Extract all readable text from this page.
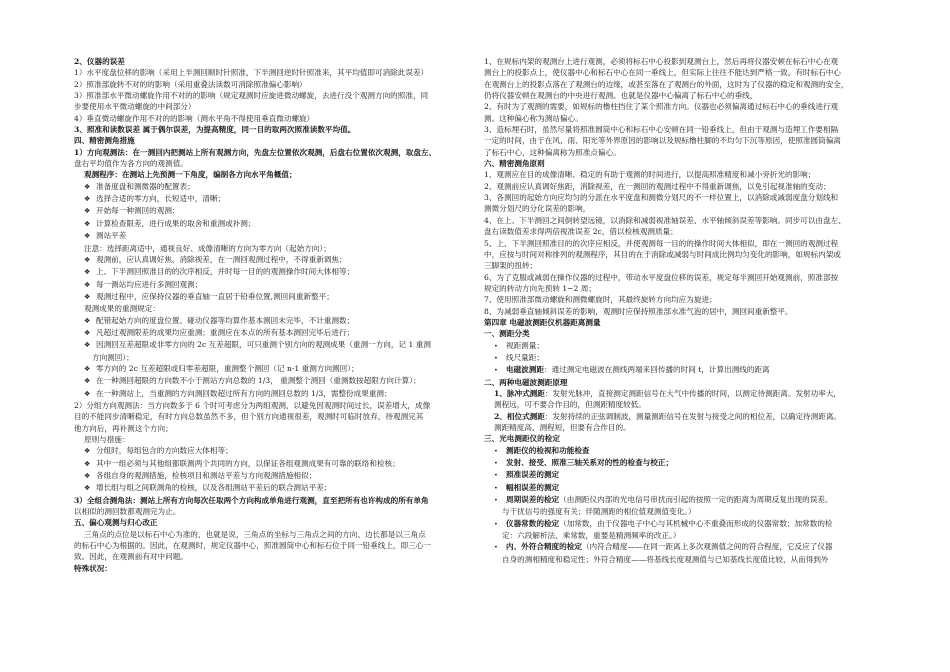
2、仪器的误差
1）水平度盘位移的影响（采用上半测回顺时针照准，下半测回逆时针照准来，其平均值即可消除此误差）
2）照准部旋转不对的的影响（采用重叠法读数可消除照准偏心影响）
3）照准部水平微动螺旋作用不对的的影响（规定观测时应旋进微动螺旋，去进行没个观测方向的照准，同
步要使用水平微动螺旋的中间部分）
4）垂直微动螺旋作用不对的的影响（测水平角不得使用垂直微动螺旋）
3、照准和读数误差 属于偶尔误差，为提高精度，同一目的取两次照准读数平均值。
四、精密测角措施
1）方向观测法：在一测回内把测站上所有观测方向，先盘左位置依次观测，后盘右位置依次观测，取盘左、
盘右平均值作为各方向的观测值。
观测程序：在测站上先预测一下角度，编制各方向水平角概值；
❖ 准备度盘和测微器的配置表；
❖ 选择合适的零方向，长短适中，清晰；
❖ 开始每一种测回的观测；
❖ 计算检查限差，进行成果的取舍和重测或补测；
❖ 测站平差
注意：选择距离适中，通视良好、成像清晰的方向为零方向（起始方向）；
❖ 观测前，应认真调好焦，消除视差，在一测回观测过程中，不得重新调焦；
❖ 上、下半测回照准目的的次序相反，并时每一目的的观测操作时间大体相等；
❖ 每一测站均应进行多测回观测；
❖ 观测过程中，应保持仪器的垂直轴一直居于铅垂位置,测回间重新整平；
观测成果的重测规定：
❖ 配错起始方向的度盘位置、碰动仪器等均算作基本测回未完毕，不计重测数；
❖ 凡超过观测限差的成果均应重测；重测应在本点的所有基本测回完毕后进行；
❖ 因测回互差超限或非零方向的 2c 互差超限，可只重测个别方向的观测成果（重测一方向，记 1 重测
方向测回）；
❖ 零方向的 2c 互差超限或归零差超限，重测整个测回（记 n-1 重测方向测回）；
❖ 在一种测回超限的方向数不小于测站方向总数的 1/3， 重测整个测回（重测数按超限方向计算）；
❖ 在一种测站上，当重测的方向测回数超过所有方向的测回总数的 1/3，需整份成果重测；
2）分组方向观测法：当方向数多于 6 个时可考虑分为两组观测，以避免因观测时间过长，误差增大，成像
目的不能同步清晰稳定，有时方向总数虽然不多，但个别方向通视很差，观测时可临时放弃，待观测完其
他方向后，再补测这个方向；
原则与措施：
❖ 分组时，每组包含的方向数应大体相等；
❖ 其中一组必须与其他组都联测两个共同的方向，以保证各组观测成果有可靠的联络和检核；
❖ 各组自身的观测措施，检核项目和测站平差与方向观测措施相似；
❖ 增长组与组之间联测角的检核，以及各组测站平差后的联合测站平差；
3）全组合测角法：测站上所有方向每次任取两个方向构成单角进行观测，直至把所有也许构成的所有单角
以相似的测回数都观测完为止。
五、偏心观测与归心改正
三角点的点位是以标石中心为准的，也就是说，三角点的坐标与三角点之间的方向、边长都是以三角点
的标石中心为根据的。因此，在观测时，规定仪器中心，照准圆筒中心和标石位于同一铅垂线上，即三心一
致。因此，在观测前有对中问题。
特殊状况：
1、在规标内架的观测台上进行观测，必须将标石中心投影到观测台上，然后再将仪器安顿在标石中心在观
测台上的投影点上，使仪器中心和标石中心在同一垂线上，但实际上往往不能达到严格一致。有时标石中心
在观测台上的投影点落在了观测台的边缘，或甚至落在了观测台的外面，这时为了仪器的稳定和观测的安全，
仍将仪器安顿在观测台的中央进行观测。也就是仪器中心偏离了标石中心的垂线，
2、有时为了观测的需要，如规标的橹柱挡住了某个照准方向。仪器也必须偏离通过标石中心的垂线进行观
测。这种偏心称为测站偏心。
3、造标埋石时，虽然尽量将照准圆筒中心和标石中心安顿在同一铅垂线上，但由于观测与造埋工作要相隔
一定的时间，由于在风、雨、阳光等外界原因的影响以及规标橹柱脚的不均匀下沉等原因，使照准圆筒偏离
了标石中心，这种偏离称为照准点偏心。
六、精密测角原则
1、观测应在目的成像清晰、稳定的有助于观测的时间进行，以提高照准精度和减小旁折光的影响；
2、观测前应认真调好焦距，消除视差，在一测回的观测过程中不得重新调焦，以免引起视准轴的变动；
3、各测回的起始方向应均匀的分派在水平度盘和测微分划尺的不一样位置上，以消除或减弱度盘分划线和
测微分划尺的分化误差的影响，
4、在上、下半测回之间倒转望远镜，以消除和减弱视准轴误差、水平轴倾斜误差等影响。同步可以由盘左、
盘右读数值差求得两倍视准误差 2c，借以检核观测质量；
5、上、下半测回照准目的的次序应相反，并使观测每一目的的操作时间大体相似，即在一测回的观测过程
中，应按与时间对称排列的观测程序，其目的在于消除或减弱与时间成比例均匀变化的影响，如规标内架或
三脚架的扭转；
6、为了克服或减弱在操作仪器的过程中，带动水平度盘位移的误差，规定每半测回开始观测前，照准部按
规定的转动方向先预转 1~2 周；
7、使用照准部微动螺旋和测微螺旋时，其最终旋转方向均应为旋进；
8、为减弱垂直轴倾斜误差的影响，观测时应保持照准部水准气泡的居中，测回间重新整平。
第四章 电磁波测距仪机器距离测量
一、测距分类
• 视距测量；
• 线尺量距；
• 电磁波测距：通过测定电磁波在测线两端来回传播的时间 t，计算出测线的距离
二、两种电磁波测距原理
1、脉冲式测距：发射光脉冲，直接测定测距信号在大气中传播的时间，以测定待测距离。发射功率大，
测程远，可不要合作目的，但测距精度较低。
2、相位式测距：发射持续的正弦调制波，测量测距信号在发射与接受之间的相位差，以确定待测距离。
测距精度高，测程短，但要有合作目的。
三、光电测距仪的检定
• 测距仪的检视和功能检查
• 发射、接受、照准三轴关系对的性的检查与校正；
• 照准误差的测定
• 幅相误差的测定
• 周期误差的检定（由测距仪内部的光电信号串扰而引起的按照一定的距离为周期反复出现的误差。
与干扰信号的强度有关；伴随测距的相位值观测值变化。）
• 仪器常数的检定（加常数，由于仪器电子中心与其机械中心不重叠而形成的仪器常数；加常数的检
定：六段解析法、乘常数，重要是精测频率的改正。）
• 内、外符合精度的检定（内符合精度——在同一距离上多次观测值之间的符合程度，它反应了仪器
自身的测相精度和稳定性；外符合精度——将基线长度观测值与已知基线长度值比较，从而得到外
